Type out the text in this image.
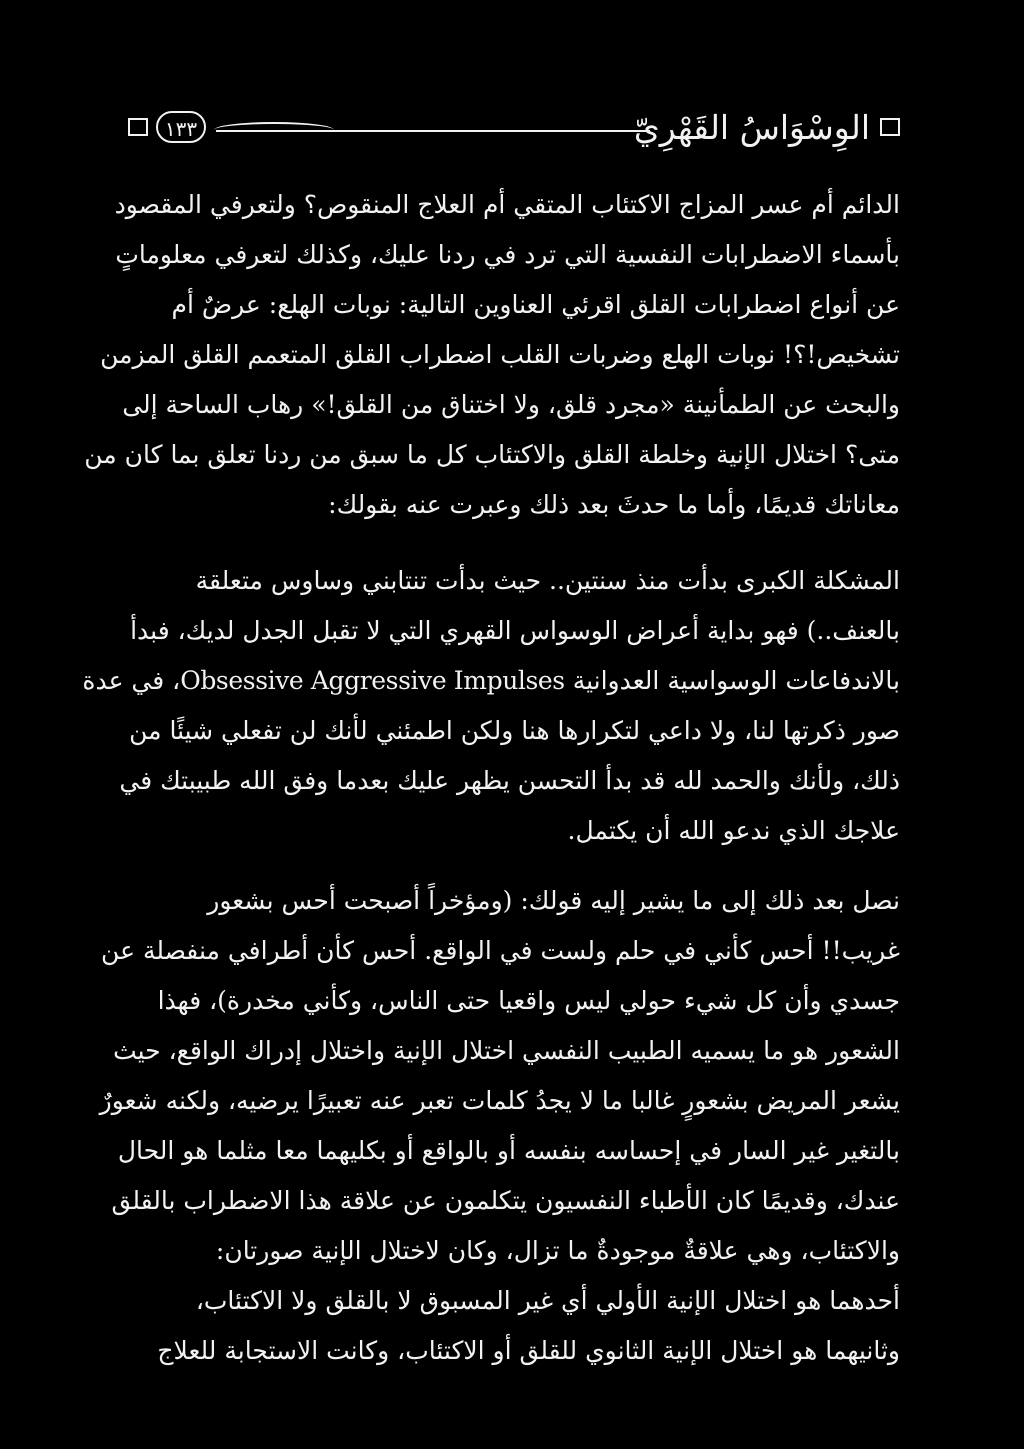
١٣٣	الوِسْوَاسُ القَهْرِيّ
الدائم أم عسر المزاج الاكتئاب المتقي أم العلاج المنقوص؟ ولتعرفي المقصود
بأسماء الاضطرابات النفسية التي ترد في ردنا عليك، وكذلك لتعرفي معلوماتٍ
عن أنواع اضطرابات القلق اقرئي العناوين التالية: نوبات الهلع: عرضٌ أم
تشخيص!؟! نوبات الهلع وضربات القلب اضطراب القلق المتعمم القلق المزمن
والبحث عن الطمأنينة «مجرد قلق، ولا اختناق من القلق!» رهاب الساحة إلى
متى؟ اختلال الإنية وخلطة القلق والاكتئاب كل ما سبق من ردنا تعلق بما كان من
معاناتك قديمًا، وأما ما حدثَ بعد ذلك وعبرت عنه بقولك:
المشكلة الكبرى بدأت منذ سنتين.. حيث بدأت تنتابني وساوس متعلقة
بالعنف..) فهو بداية أعراض الوسواس القهري التي لا تقبل الجدل لديك، فبدأ
بالاندفاعات الوسواسية العدوانية Obsessive Aggressive Impulses، في عدة
صور ذكرتها لنا، ولا داعي لتكرارها هنا ولكن اطمئني لأنك لن تفعلي شيئًا من
ذلك، ولأنك والحمد لله قد بدأ التحسن يظهر عليك بعدما وفق الله طبيبتك في
علاجك الذي ندعو الله أن يكتمل.
نصل بعد ذلك إلى ما يشير إليه قولك: (ومؤخراً أصبحت أحس بشعور
غريب!! أحس كأني في حلم ولست في الواقع. أحس كأن أطرافي منفصلة عن
جسدي وأن كل شيء حولي ليس واقعيا حتى الناس، وكأني مخدرة)، فهذا
الشعور هو ما يسميه الطبيب النفسي اختلال الإنية واختلال إدراك الواقع، حيث
يشعر المريض بشعورٍ غالبا ما لا يجدُ كلمات تعبر عنه تعبيرًا يرضيه، ولكنه شعورٌ
بالتغير غير السار في إحساسه بنفسه أو بالواقع أو بكليهما معا مثلما هو الحال
عندك، وقديمًا كان الأطباء النفسيون يتكلمون عن علاقة هذا الاضطراب بالقلق
والاكتئاب، وهي علاقةٌ موجودةٌ ما تزال، وكان لاختلال الإنية صورتان:
أحدهما هو اختلال الإنية الأولي أي غير المسبوق لا بالقلق ولا الاكتئاب،
وثانيهما هو اختلال الإنية الثانوي للقلق أو الاكتئاب، وكانت الاستجابة للعلاج
